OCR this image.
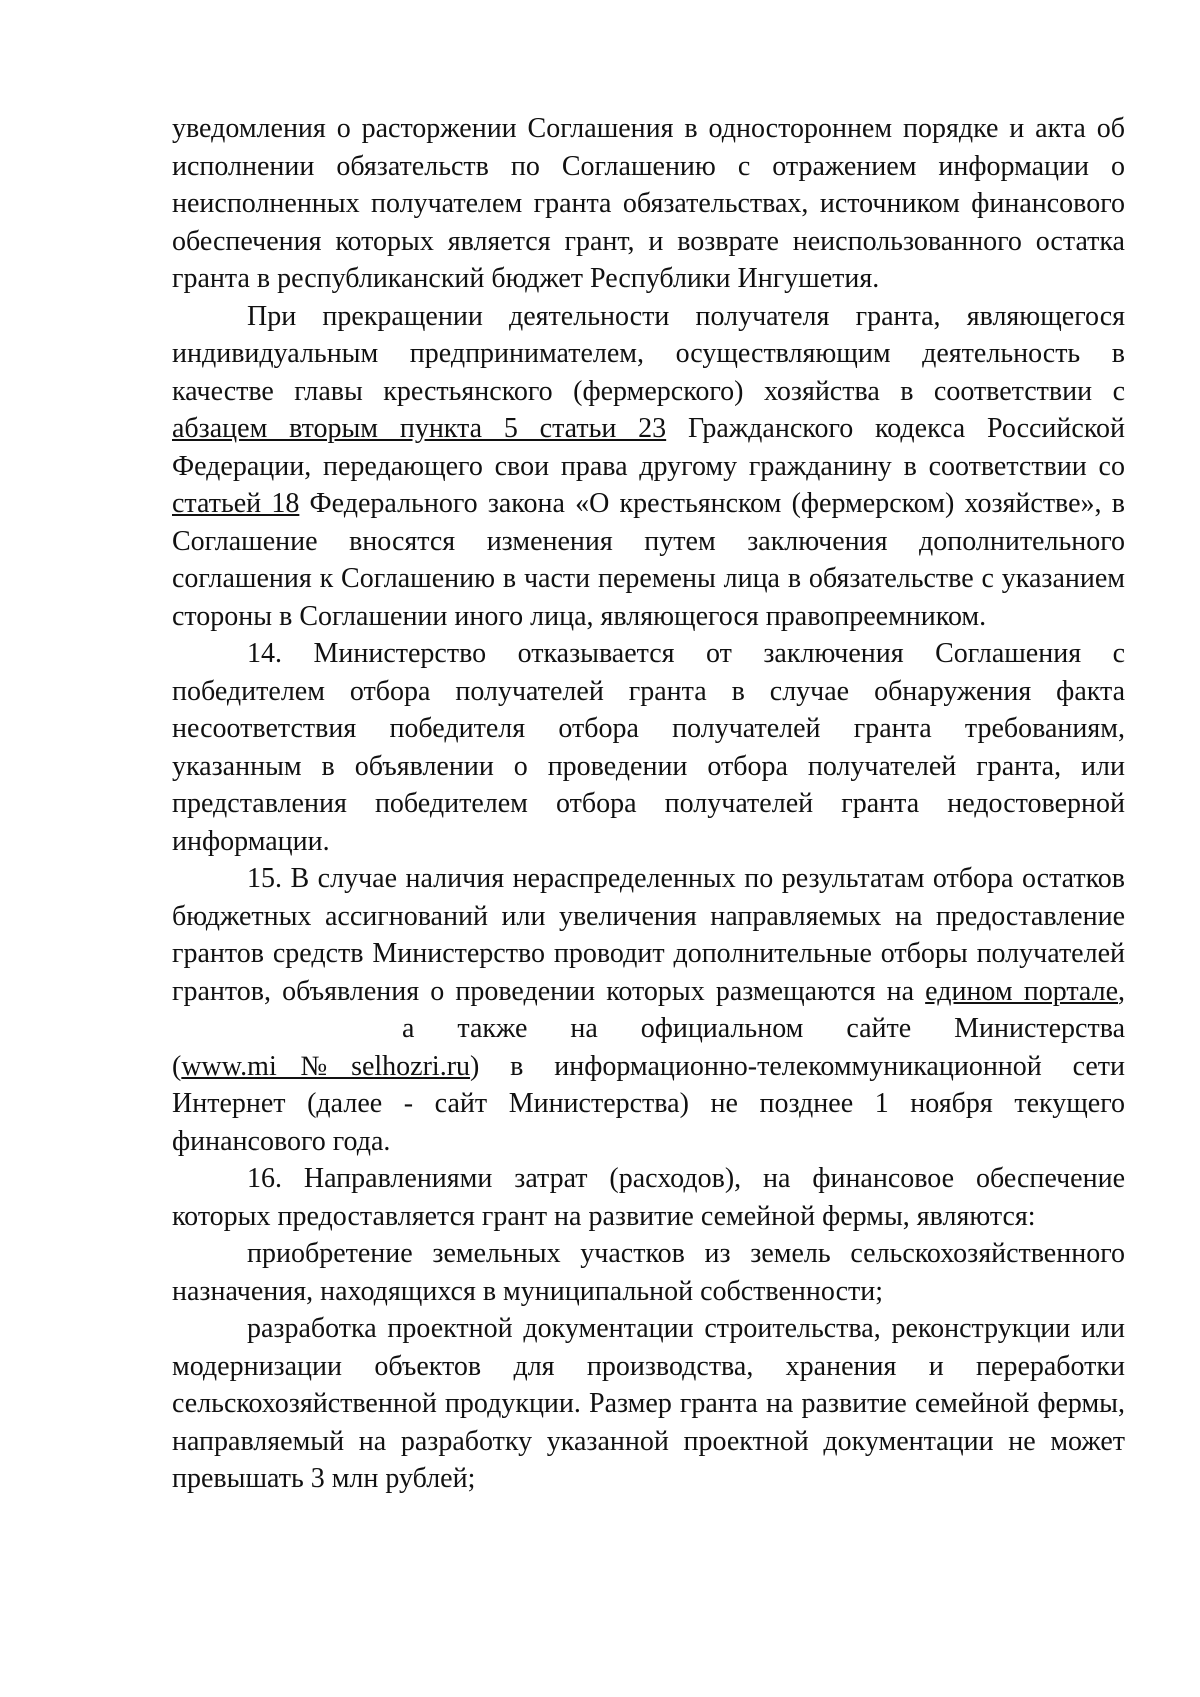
уведомления о расторжении Соглашения в одностороннем порядке и акта об исполнении обязательств по Соглашению с отражением информации о неисполненных получателем гранта обязательствах, источником финансового обеспечения которых является грант, и возврате неиспользованного остатка гранта в республиканский бюджет Республики Ингушетия.

При прекращении деятельности получателя гранта, являющегося индивидуальным предпринимателем, осуществляющим деятельность в качестве главы крестьянского (фермерского) хозяйства в соответствии с абзацем вторым пункта 5 статьи 23 Гражданского кодекса Российской Федерации, передающего свои права другому гражданину в соответствии со статьей 18 Федерального закона «О крестьянском (фермерском) хозяйстве», в Соглашение вносятся изменения путем заключения дополнительного соглашения к Соглашению в части перемены лица в обязательстве с указанием стороны в Соглашении иного лица, являющегося правопреемником.

14. Министерство отказывается от заключения Соглашения с победителем отбора получателей гранта в случае обнаружения факта несоответствия победителя отбора получателей гранта требованиям, указанным в объявлении о проведении отбора получателей гранта, или представления победителем отбора получателей гранта недостоверной информации.

15. В случае наличия нераспределенных по результатам отбора остатков бюджетных ассигнований или увеличения направляемых на предоставление грантов средств Министерство проводит дополнительные отборы получателей грантов, объявления о проведении которых размещаются на едином портале,а также на официальном сайте Министерства (www.mi№selhozri.ru) в информационно-телекоммуникационной сети Интернет (далее - сайт Министерства) не позднее 1 ноября текущего финансового года.

16. Направлениями затрат (расходов), на финансовое обеспечение которых предоставляется грант на развитие семейной фермы, являются:

приобретение земельных участков из земель сельскохозяйственного назначения, находящихся в муниципальной собственности;

разработка проектной документации строительства, реконструкции или модернизации объектов для производства, хранения и переработки сельскохозяйственной продукции. Размер гранта на развитие семейной фермы, направляемый на разработку указанной проектной документации не может превышать 3 млн рублей;
